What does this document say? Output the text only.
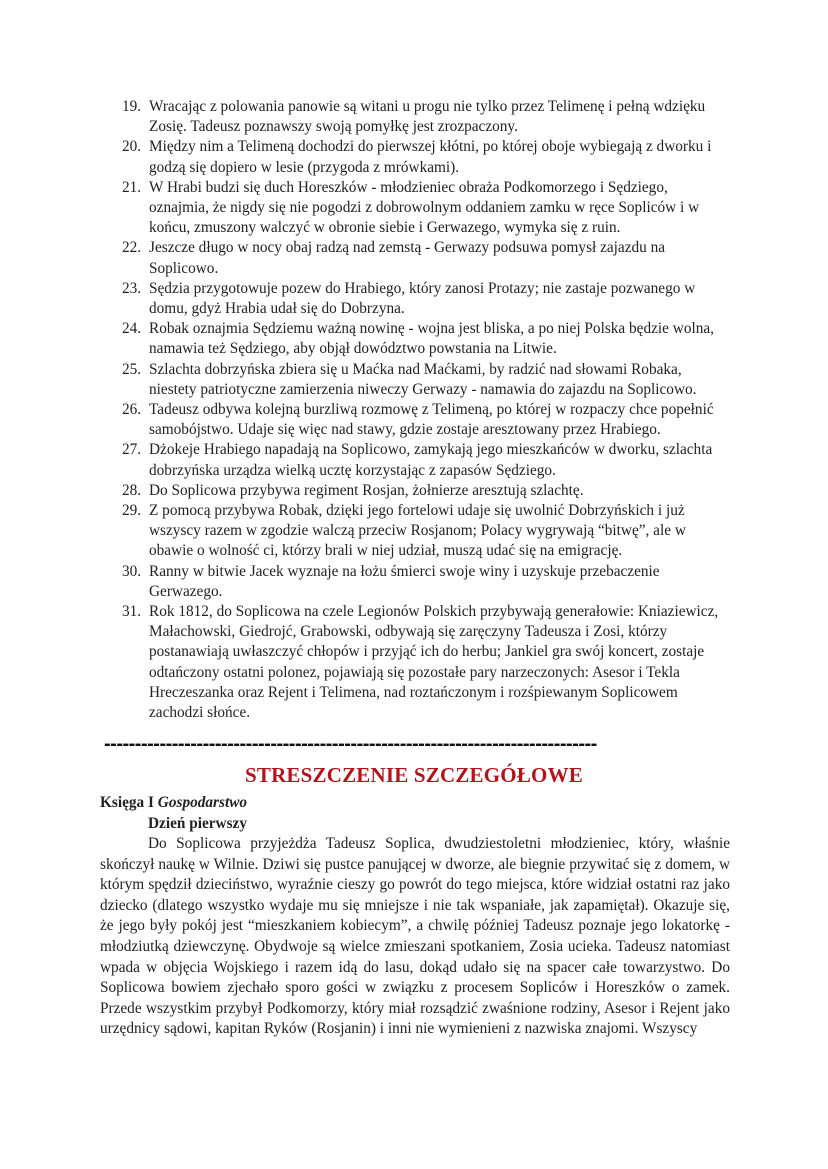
19. Wracając z polowania panowie są witani u progu nie tylko przez Telimenę i pełną wdzięku Zosię. Tadeusz poznawszy swoją pomyłkę jest zrozpaczony.
20. Między nim a Telimeną dochodzi do pierwszej kłótni, po której oboje wybiegają z dworku i godzą się dopiero w lesie (przygoda z mrówkami).
21. W Hrabi budzi się duch Horeszków - młodzieniec obraża Podkomorzego i Sędziego, oznajmia, że nigdy się nie pogodzi z dobrowolnym oddaniem zamku w ręce Sopliców i w końcu, zmuszony walczyć w obronie siebie i Gerwazego, wymyka się z ruin.
22. Jeszcze długo w nocy obaj radzą nad zemstą - Gerwazy podsuwa pomysł zajazdu na Soplicowo.
23. Sędzia przygotowuje pozew do Hrabiego, który zanosi Protazy; nie zastaje pozwanego w domu, gdyż Hrabia udał się do Dobrzyna.
24. Robak oznajmia Sędziemu ważną nowinę - wojna jest bliska, a po niej Polska będzie wolna, namawia też Sędziego, aby objął dowództwo powstania na Litwie.
25. Szlachta dobrzyńska zbiera się u Maćka nad Maćkami, by radzić nad słowami Robaka, niestety patriotyczne zamierzenia niweczy Gerwazy - namawia do zajazdu na Soplicowo.
26. Tadeusz odbywa kolejną burzliwą rozmowę z Telimeną, po której w rozpaczy chce popełnić samobójstwo. Udaje się więc nad stawy, gdzie zostaje aresztowany przez Hrabiego.
27. Dżokeje Hrabiego napadają na Soplicowo, zamykają jego mieszkańców w dworku, szlachta dobrzyńska urządza wielką ucztę korzystając z zapasów Sędziego.
28. Do Soplicowa przybywa regiment Rosjan, żołnierze aresztują szlachtę.
29. Z pomocą przybywa Robak, dzięki jego fortelowi udaje się uwolnić Dobrzyńskich i już wszyscy razem w zgodzie walczą przeciw Rosjanom; Polacy wygrywają “bitwę”, ale w obawie o wolność ci, którzy brali w niej udział, muszą udać się na emigrację.
30. Ranny w bitwie Jacek wyznaje na łożu śmierci swoje winy i uzyskuje przebaczenie Gerwazego.
31. Rok 1812, do Soplicowa na czele Legionów Polskich przybywają generałowie: Kniaziewicz, Małachowski, Giedrojć, Grabowski, odbywają się zaręczyny Tadeusza i Zosi, którzy postanawiają uwłaszczyć chłopów i przyjąć ich do herbu; Jankiel gra swój koncert, zostaje odtańczony ostatni polonez, pojawiają się pozostałe pary narzeczonych: Asesor i Tekla Hreczeszanka oraz Rejent i Telimena, nad roztańczonym i rozśpiewanym Soplicowem zachodzi słońce.
--------------------------------------------------------------------------------
STRESZCZENIE SZCZEGÓŁOWE
Księga I Gospodarstwo
Dzień pierwszy

Do Soplicowa przyjeżdża Tadeusz Soplica, dwudziestoletni młodzieniec, który, właśnie skończył naukę w Wilnie. Dziwi się pustce panującej w dworze, ale biegnie przywitać się z domem, w którym spędził dzieciństwo, wyraźnie cieszy go powrót do tego miejsca, które widział ostatni raz jako dziecko (dlatego wszystko wydaje mu się mniejsze i nie tak wspaniałe, jak zapamiętał). Okazuje się, że jego były pokój jest “mieszkaniem kobiecym”, a chwilę później Tadeusz poznaje jego lokatorkę - młodziutką dziewczynę. Obydwoje są wielce zmieszani spotkaniem, Zosia ucieka. Tadeusz natomiast wpada w objęcia Wojskiego i razem idą do lasu, dokąd udało się na spacer całe towarzystwo. Do Soplicowa bowiem zjechało sporo gości w związku z procesem Sopliców i Horeszków o zamek. Przede wszystkim przybył Podkomorzy, który miał rozsądzić zwaśnione rodziny, Asesor i Rejent jako urzędnicy sądowi, kapitan Ryków (Rosjanin) i inni nie wymienieni z nazwiska znajomi. Wszyscy
